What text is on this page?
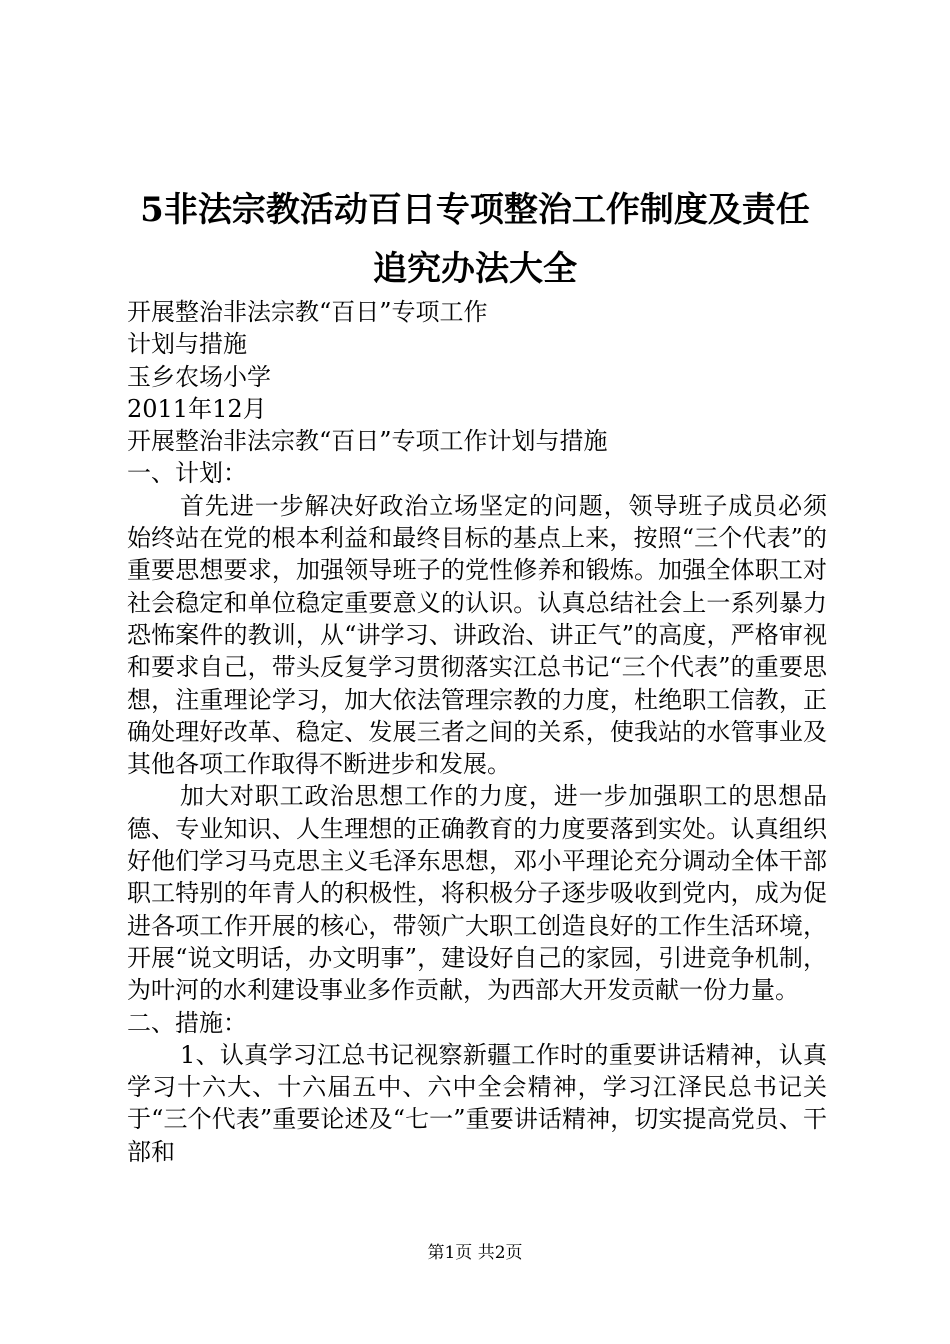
5非法宗教活动百日专项整治工作制度及责任
追究办法大全

开展整治非法宗教“百日”专项工作

计划与措施

玉乡农场小学

2011年12月

开展整治非法宗教“百日”专项工作计划与措施

一、计划：

首先进一步解决好政治立场坚定的问题，领导班子成员必须始终站在党的根本利益和最终目标的基点上来，按照“三个代表”的重要思想要求，加强领导班子的党性修养和锻炼。加强全体职工对社会稳定和单位稳定重要意义的认识。认真总结社会上一系列暴力恐怖案件的教训，从“讲学习、讲政治、讲正气”的高度，严格审视和要求自己，带头反复学习贯彻落实江总书记“三个代表”的重要思想，注重理论学习，加大依法管理宗教的力度，杜绝职工信教，正确处理好改革、稳定、发展三者之间的关系，使我站的水管事业及其他各项工作取得不断进步和发展。

加大对职工政治思想工作的力度，进一步加强职工的思想品德、专业知识、人生理想的正确教育的力度要落到实处。认真组织好他们学习马克思主义毛泽东思想，邓小平理论充分调动全体干部职工特别的年青人的积极性，将积极分子逐步吸收到党内，成为促进各项工作开展的核心，带领广大职工创造良好的工作生活环境，开展“说文明话，办文明事”，建设好自己的家园，引进竞争机制，为叶河的水利建设事业多作贡献，为西部大开发贡献一份力量。

二、措施：

1、认真学习江总书记视察新疆工作时的重要讲话精神，认真学习十六大、十六届五中、六中全会精神，学习江泽民总书记关于“三个代表”重要论述及“七一”重要讲话精神，切实提高党员、干部和

第1页 共2页
